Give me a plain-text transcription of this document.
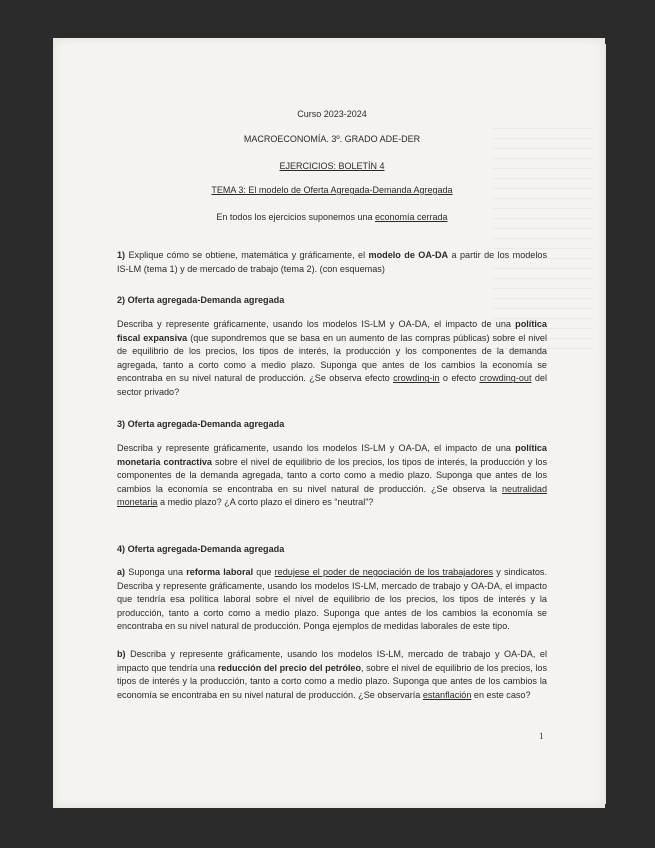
Curso 2023-2024
MACROECONOMÍA. 3º. GRADO ADE-DER
EJERCICIOS: BOLETÍN 4
TEMA 3: El modelo de Oferta Agregada-Demanda Agregada
En todos los ejercicios suponemos una economía cerrada

1) Explique cómo se obtiene, matemática y gráficamente, el modelo de OA-DA a partir de los modelos IS-LM (tema 1) y de mercado de trabajo (tema 2). (con esquemas)

2) Oferta agregada-Demanda agregada

Describa y represente gráficamente, usando los modelos IS-LM y OA-DA, el impacto de una política fiscal expansiva (que supondremos que se basa en un aumento de las compras públicas) sobre el nivel de equilibrio de los precios, los tipos de interés, la producción y los componentes de la demanda agregada, tanto a corto como a medio plazo. Suponga que antes de los cambios la economía se encontraba en su nivel natural de producción. ¿Se observa efecto crowding-in o efecto crowding-out del sector privado?

3) Oferta agregada-Demanda agregada

Describa y represente gráficamente, usando los modelos IS-LM y OA-DA, el impacto de una política monetaria contractiva sobre el nivel de equilibrio de los precios, los tipos de interés, la producción y los componentes de la demanda agregada, tanto a corto como a medio plazo. Suponga que antes de los cambios la economía se encontraba en su nivel natural de producción. ¿Se observa la neutralidad monetaria a medio plazo? ¿A corto plazo el dinero es “neutral”?

4) Oferta agregada-Demanda agregada

a) Suponga una reforma laboral que redujese el poder de negociación de los trabajadores y sindicatos. Describa y represente gráficamente, usando los modelos IS-LM, mercado de trabajo y OA-DA, el impacto que tendría esa política laboral sobre el nivel de equilibrio de los precios, los tipos de interés y la producción, tanto a corto como a medio plazo. Suponga que antes de los cambios la economía se encontraba en su nivel natural de producción. Ponga ejemplos de medidas laborales de este tipo.

b) Describa y represente gráficamente, usando los modelos IS-LM, mercado de trabajo y OA-DA, el impacto que tendría una reducción del precio del petróleo, sobre el nivel de equilibrio de los precios, los tipos de interés y la producción, tanto a corto como a medio plazo. Suponga que antes de los cambios la economía se encontraba en su nivel natural de producción. ¿Se observaría estanflación en este caso?

1
